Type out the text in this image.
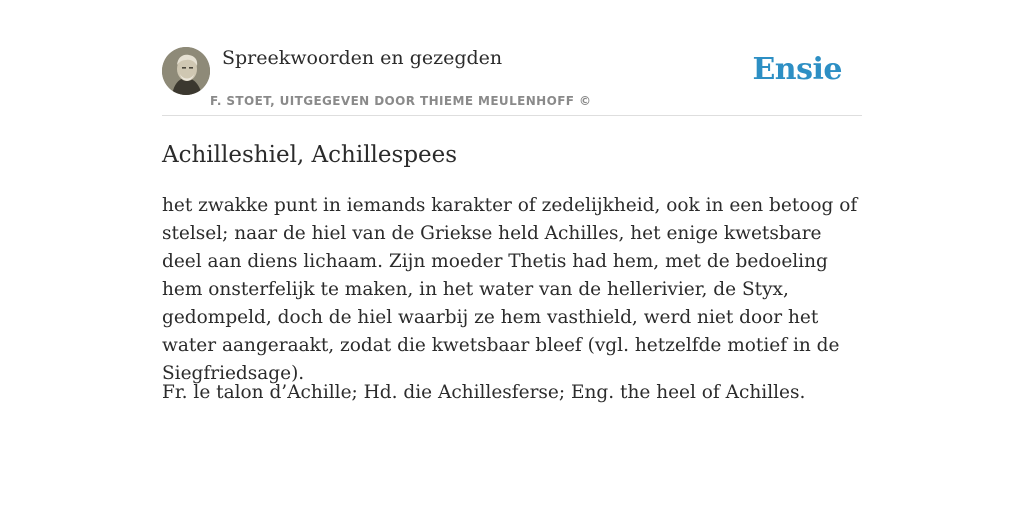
Spreekwoorden en gezegden
F. STOET, UITGEGEVEN DOOR THIEME MEULENHOFF ©
Ensie
Achilleshiel, Achillespees

het zwakke punt in iemands karakter of zedelijkheid, ook in een betoog of stelsel; naar de hiel van de Griekse held Achilles, het enige kwetsbare deel aan diens lichaam. Zijn moeder Thetis had hem, met de bedoeling hem onsterfelijk te maken, in het water van de hellerivier, de Styx, gedompeld, doch de hiel waarbij ze hem vasthield, werd niet door het water aangeraakt, zodat die kwetsbaar bleef (vgl. hetzelfde motief in de Siegfriedsage).

Fr. le talon d’Achille; Hd. die Achillesferse; Eng. the heel of Achilles.
